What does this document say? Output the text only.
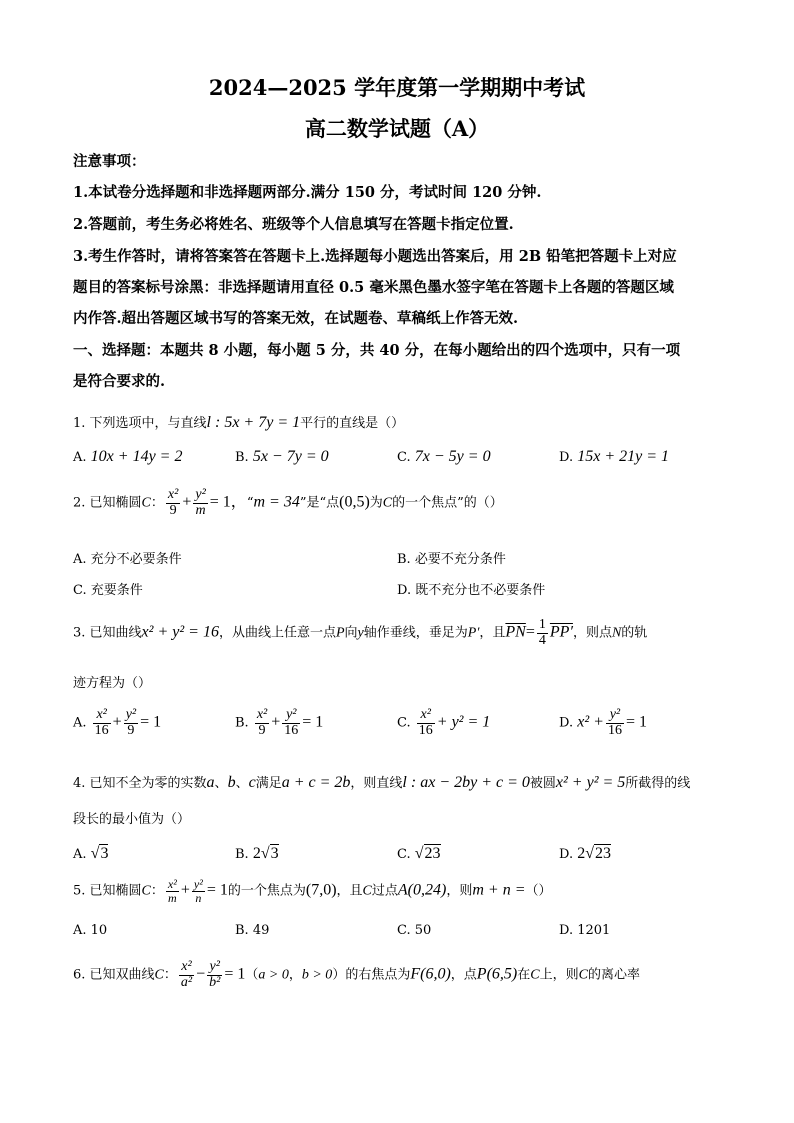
2024—2025 学年度第一学期期中考试
高二数学试题（A）
注意事项：
1.本试卷分选择题和非选择题两部分.满分 150 分，考试时间 120 分钟.
2.答题前，考生务必将姓名、班级等个人信息填写在答题卡指定位置.
3.考生作答时，请将答案答在答题卡上.选择题每小题选出答案后，用 2B 铅笔把答题卡上对应
题目的答案标号涂黑：非选择题请用直径 0.5 毫米黑色墨水签字笔在答题卡上各题的答题区域
内作答.超出答题区域书写的答案无效，在试题卷、草稿纸上作答无效.
一、选择题：本题共 8 小题，每小题 5 分，共 40 分，在每小题给出的四个选项中，只有一项
是符合要求的.
1. 下列选项中，与直线l : 5x + 7y = 1平行的直线是（）
A. 10x + 14y = 2	B. 5x − 7y = 0	C. 7x − 5y = 0	D. 15x + 21y = 1
2. 已知椭圆C： $\frac{\text{x²}}{9} + \frac{\text{y²}}{m} = 1$，“m = 34”是“点(0,5)为C的一个焦点”的（）
A. 充分不必要条件	B. 必要不充分条件
C. 充要条件	D. 既不充分也不必要条件
3. 已知曲线x² + y² = 16，从曲线上任意一点P向y轴作垂线，垂足为P′，且$\overline{PN}= \frac{1}{4} PP'$，则点N的轨
迹方程为（）
A. $\frac{\text{x²}}{16} + \frac{\text{y²}}{9} = 1$	B. $\frac{\text{x²}}{9} + \frac{\text{y²}}{16} = 1$	C. $\frac{\text{x²}}{16} + y^2 = 1$	D. $x^2 + \frac{\text{y²}}{16} = 1$
4. 已知不全为零的实数a、b、c满足a + c = 2b，则直线l : ax − 2by + c = 0被圆x² + y² = 5所截得的线
段长的最小值为（）
A. √3	B. 2√3	C. √23	D. 2√23
5. 已知椭圆C： $\frac{\text{x²}}{m} + \frac{\text{y²}}{n} = 1$的一个焦点为(7,0)，且C过点A(0,24)，则m + n =（）
A. 10	B. 49	C. 50	D. 1201
6. 已知双曲线C： $\frac{\text{x²}}{\text{a²}} - \frac{\text{y²}}{\text{b²}} = 1(a > 0$，b > 0）的右焦点为F(6,0)，点P(6,5)在C上，则C的离心率
